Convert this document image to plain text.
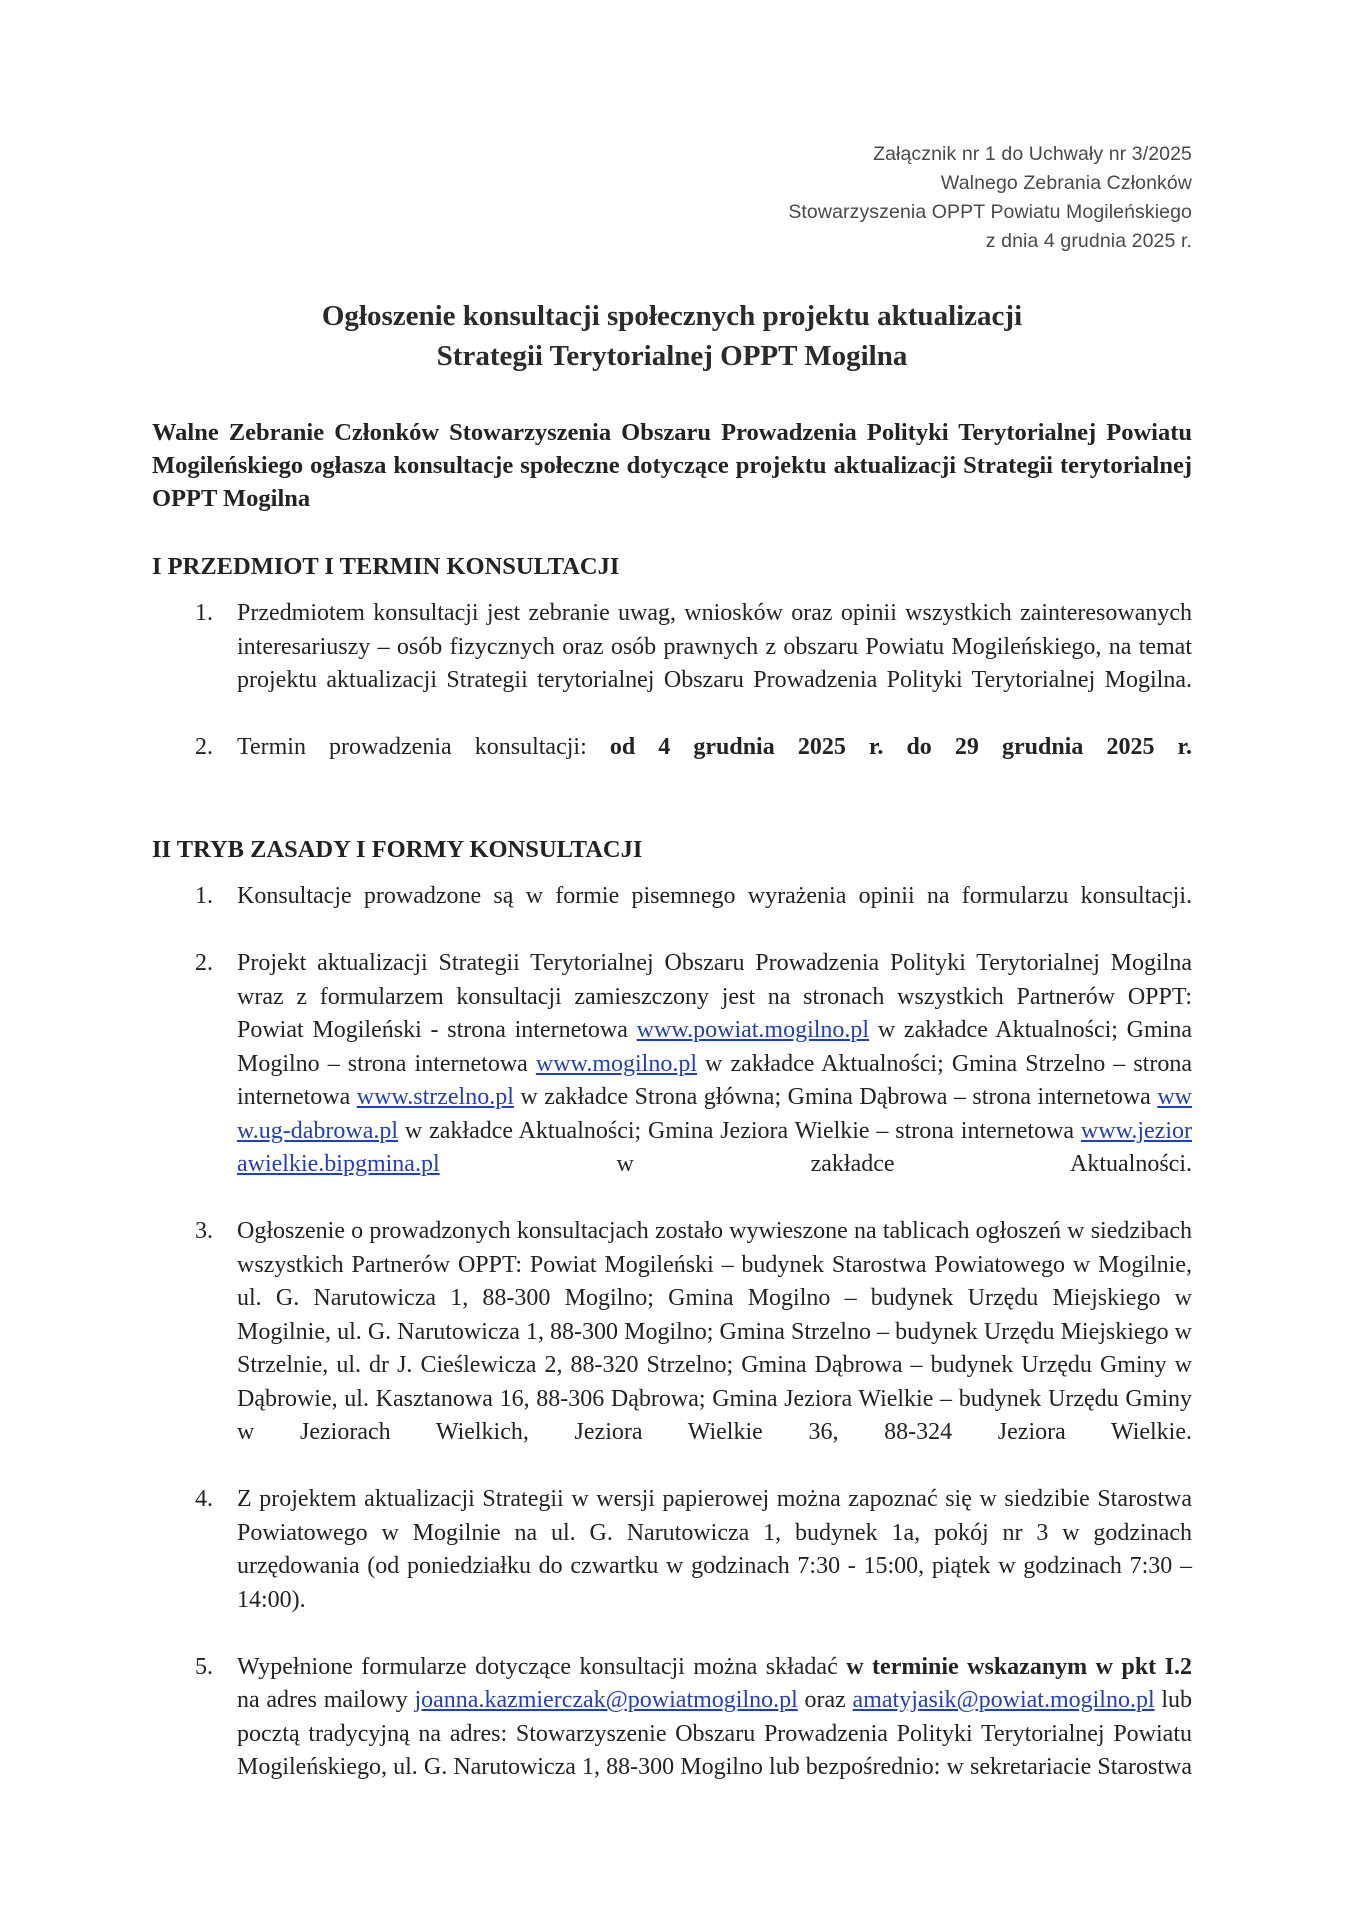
Załącznik nr 1 do Uchwały nr 3/2025
Walnego Zebrania Członków
Stowarzyszenia OPPT Powiatu Mogileńskiego
z dnia 4 grudnia 2025 r.
Ogłoszenie konsultacji społecznych projektu aktualizacji
Strategii Terytorialnej OPPT Mogilna

Walne Zebranie Członków Stowarzyszenia Obszaru Prowadzenia Polityki Terytorialnej Powiatu Mogileńskiego ogłasza konsultacje społeczne dotyczące projektu aktualizacji Strategii terytorialnej OPPT Mogilna

I PRZEDMIOT I TERMIN KONSULTACJI
Przedmiotem konsultacji jest zebranie uwag, wniosków oraz opinii wszystkich zainteresowanych interesariuszy – osób fizycznych oraz osób prawnych z obszaru Powiatu Mogileńskiego, na temat projektu aktualizacji Strategii terytorialnej Obszaru Prowadzenia Polityki Terytorialnej Mogilna.
Termin prowadzenia konsultacji: od 4 grudnia 2025 r. do 29 grudnia 2025 r.
II TRYB ZASADY I FORMY KONSULTACJI
Konsultacje prowadzone są w formie pisemnego wyrażenia opinii na formularzu konsultacji.
Projekt aktualizacji Strategii Terytorialnej Obszaru Prowadzenia Polityki Terytorialnej Mogilna wraz z formularzem konsultacji zamieszczony jest na stronach wszystkich Partnerów OPPT: Powiat Mogileński - strona internetowa www.powiat.mogilno.pl w zakładce Aktualności; Gmina Mogilno – strona internetowa www.mogilno.pl w zakładce Aktualności; Gmina Strzelno – strona internetowa www.strzelno.pl w zakładce Strona główna; Gmina Dąbrowa – strona internetowa www.ug-dabrowa.pl w zakładce Aktualności; Gmina Jeziora Wielkie – strona internetowa www.jeziorawielkie.bipgmina.pl w zakładce Aktualności.
Ogłoszenie o prowadzonych konsultacjach zostało wywieszone na tablicach ogłoszeń w siedzibach wszystkich Partnerów OPPT: Powiat Mogileński – budynek Starostwa Powiatowego w Mogilnie, ul. G. Narutowicza 1, 88-300 Mogilno; Gmina Mogilno – budynek Urzędu Miejskiego w Mogilnie, ul. G. Narutowicza 1, 88-300 Mogilno; Gmina Strzelno – budynek Urzędu Miejskiego w Strzelnie, ul. dr J. Cieślewicza 2, 88-320 Strzelno; Gmina Dąbrowa – budynek Urzędu Gminy w Dąbrowie, ul. Kasztanowa 16, 88-306 Dąbrowa; Gmina Jeziora Wielkie – budynek Urzędu Gminy w Jeziorach Wielkich, Jeziora Wielkie 36, 88-324 Jeziora Wielkie.
Z projektem aktualizacji Strategii w wersji papierowej można zapoznać się w siedzibie Starostwa Powiatowego w Mogilnie na ul. G. Narutowicza 1, budynek 1a, pokój nr 3 w godzinach urzędowania (od poniedziałku do czwartku w godzinach 7:30 - 15:00, piątek w godzinach 7:30 – 14:00).
Wypełnione formularze dotyczące konsultacji można składać w terminie wskazanym w pkt I.2 na adres mailowy joanna.kazmierczak@powiatmogilno.pl oraz amatyjasik@powiat.mogilno.pl lub pocztą tradycyjną na adres: Stowarzyszenie Obszaru Prowadzenia Polityki Terytorialnej Powiatu Mogileńskiego, ul. G. Narutowicza 1, 88-300 Mogilno lub bezpośrednio: w sekretariacie Starostwa
